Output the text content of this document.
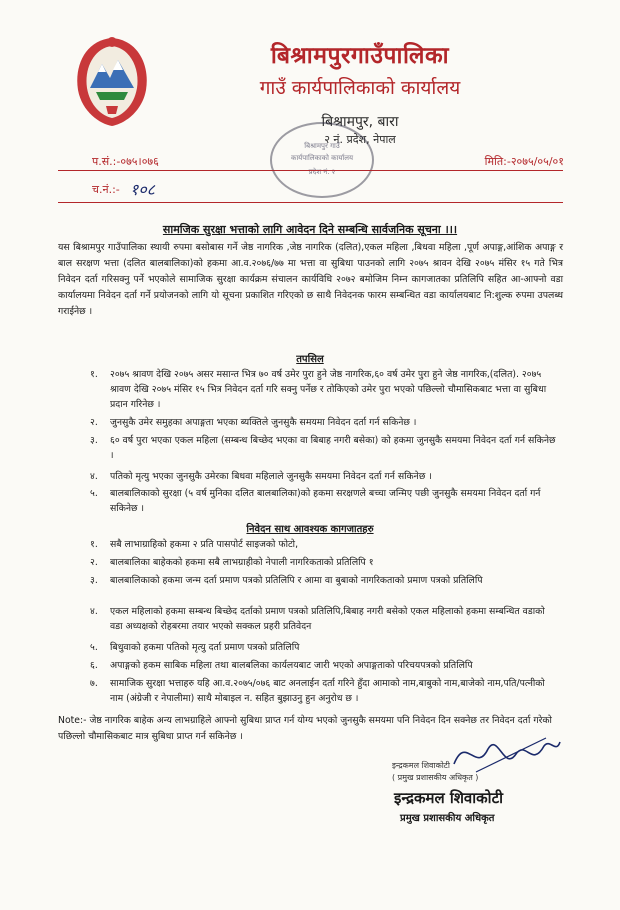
बिश्रामपुरगाउँपालिका
गाउँ कार्यपालिकाको कार्यालय
बिश्रामपुर, बारा
२ नं. प्रदेश, नेपाल
बिश्रामपुर गाउँ
कार्यपालिकाको कार्यालय
प्रदेश नं. २
प.सं.:-०७५।०७६
च.नं.:- १०८
मिति:-२०७५/०५/०१
सामजिक सुरक्षा भत्ताको लागि आवेदन दिने सम्बन्धि सार्वजनिक सूचना ।।।
यस बिश्रामपुर गाउँपालिका स्थायी रुपमा बसोबास गर्ने जेष्ठ नागरिक ,जेष्ठ नागरिक (दलित),एकल महिला ,बिधवा महिला ,पूर्ण अपाङ्ग,आंशिक अपाङ्ग र बाल सरक्षण भत्ता (दलित बालबालिका)को हकमा आ.व.२०७६/७७ मा भत्ता वा सुबिधा पाउनको लागि २०७५ श्रावन देखि २०७५ मंसिर १५ गते भित्र निवेदन दर्ता गरिसक्नु पर्ने भएकोले सामाजिक सुरक्षा कार्यक्रम संचालन कार्यविधि २०७२ बमोजिम निम्न कागजातका प्रतिलिपि सहित आ-आफ्नो वडा कार्यालयमा निवेदन दर्ता गर्ने प्रयोजनको लागि यो सूचना प्रकाशित गरिएको छ साथै निवेदनक फारम सम्बन्धित वडा कार्यालयबाट नि:शुल्क रुपमा उपलब्ध गराईनेछ ।
तपसिल
१. २०७५ श्रावण देखि २०७५ असर मसान्त भित्र ७० वर्ष उमेर पुरा हुने जेष्ठ नागरिक,६० वर्ष उमेर पुरा हुने जेष्ठ नागरिक,(दलित). २०७५ श्रावण देखि २०७५ मंसिर १५ भित्र निवेदन दर्ता गरि सक्नु पर्नेछ र तोकिएको उमेर पुरा भएको पछिल्लो चौमासिकबाट भत्ता वा सुबिधा प्रदान गरिनेछ ।
२. जुनसुकै उमेर समुहका अपाङ्गता भएका ब्यक्तिले जुनसुकै समयमा निवेदन दर्ता गर्न सकिनेछ ।
३. ६० वर्ष पुरा भएका एकल महिला (सम्बन्ध बिच्छेद भएका वा बिबाह नगरी बसेका) को हकमा जुनसुकै समयमा निवेदन दर्ता गर्न सकिनेछ ।
४. पतिको मृत्यु भएका जुनसुकै उमेरका बिधवा महिलाले जुनसुकै समयमा निवेदन दर्ता गर्न सकिनेछ ।
५. बालबालिकाको सुरक्षा (५ वर्ष मुनिका दलित बालबालिका)को हकमा सरक्षणले बच्चा जन्मिए पछी जुनसुकै समयमा निवेदन दर्ता गर्न सकिनेछ ।
निवेदन साथ आवश्यक कागजातहरु
१. सबै लाभाग्राहिको हकमा २ प्रति पासपोर्ट साइजको फोटो,
२. बालबालिका बाहेकको हकमा सबै लाभग्राहीको नेपाली नागरिकताको प्रतिलिपि १
३. बालबालिकाको हकमा जन्म दर्ता प्रमाण पत्रको प्रतिलिपि र आमा वा बुबाको नागरिकताको प्रमाण पत्रको प्रतिलिपि
४. एकल महिलाको हकमा सम्बन्ध बिच्छेद दर्ताको प्रमाण पत्रको प्रतिलिपि,बिबाह नगरी बसेको एकल महिलाको हकमा सम्बन्धित वडाको वडा अध्यक्षको रोहबरमा तयार भएको सक्कल प्रहरी प्रतिवेदन
५. बिधुवाको हकमा पतिको मृत्यु दर्ता प्रमाण पत्रको प्रतिलिपि
६. अपाङ्गको हकम साबिक महिला तथा बालबलिका कार्यलयबाट जारी भएको अपाङ्गताको परिचयपत्रको प्रतिलिपि
७. सामाजिक सुरक्षा भत्ताहरु यहि आ.व.२०७५/०७६ बाट अनलाईन दर्ता गरिने हुँदा आमाको नाम,बाबुको नाम,बाजेको नाम,पति/पत्नीको नाम (अंग्रेजी र नेपालीमा) साथै मोबाइल न. सहित बुझाउनु हुन अनुरोध छ ।
Note:- जेष्ठ नागरिक बाहेक अन्य लाभग्राहिले आफ्नो सुबिधा प्राप्त गर्न योग्य भएको जुनसुकै समयमा पनि निवेदन दिन सक्नेछ तर निवेदन दर्ता गरेको पछिल्लो चौमासिकबाट मात्र सुबिधा प्राप्त गर्न सकिनेछ ।
इन्द्रकमल शिवाकोटी
( प्रमुख प्रशासकीय अधिकृत )
इन्द्रकमल शिवाकोटी
प्रमुख प्रशासकीय अधिकृत
